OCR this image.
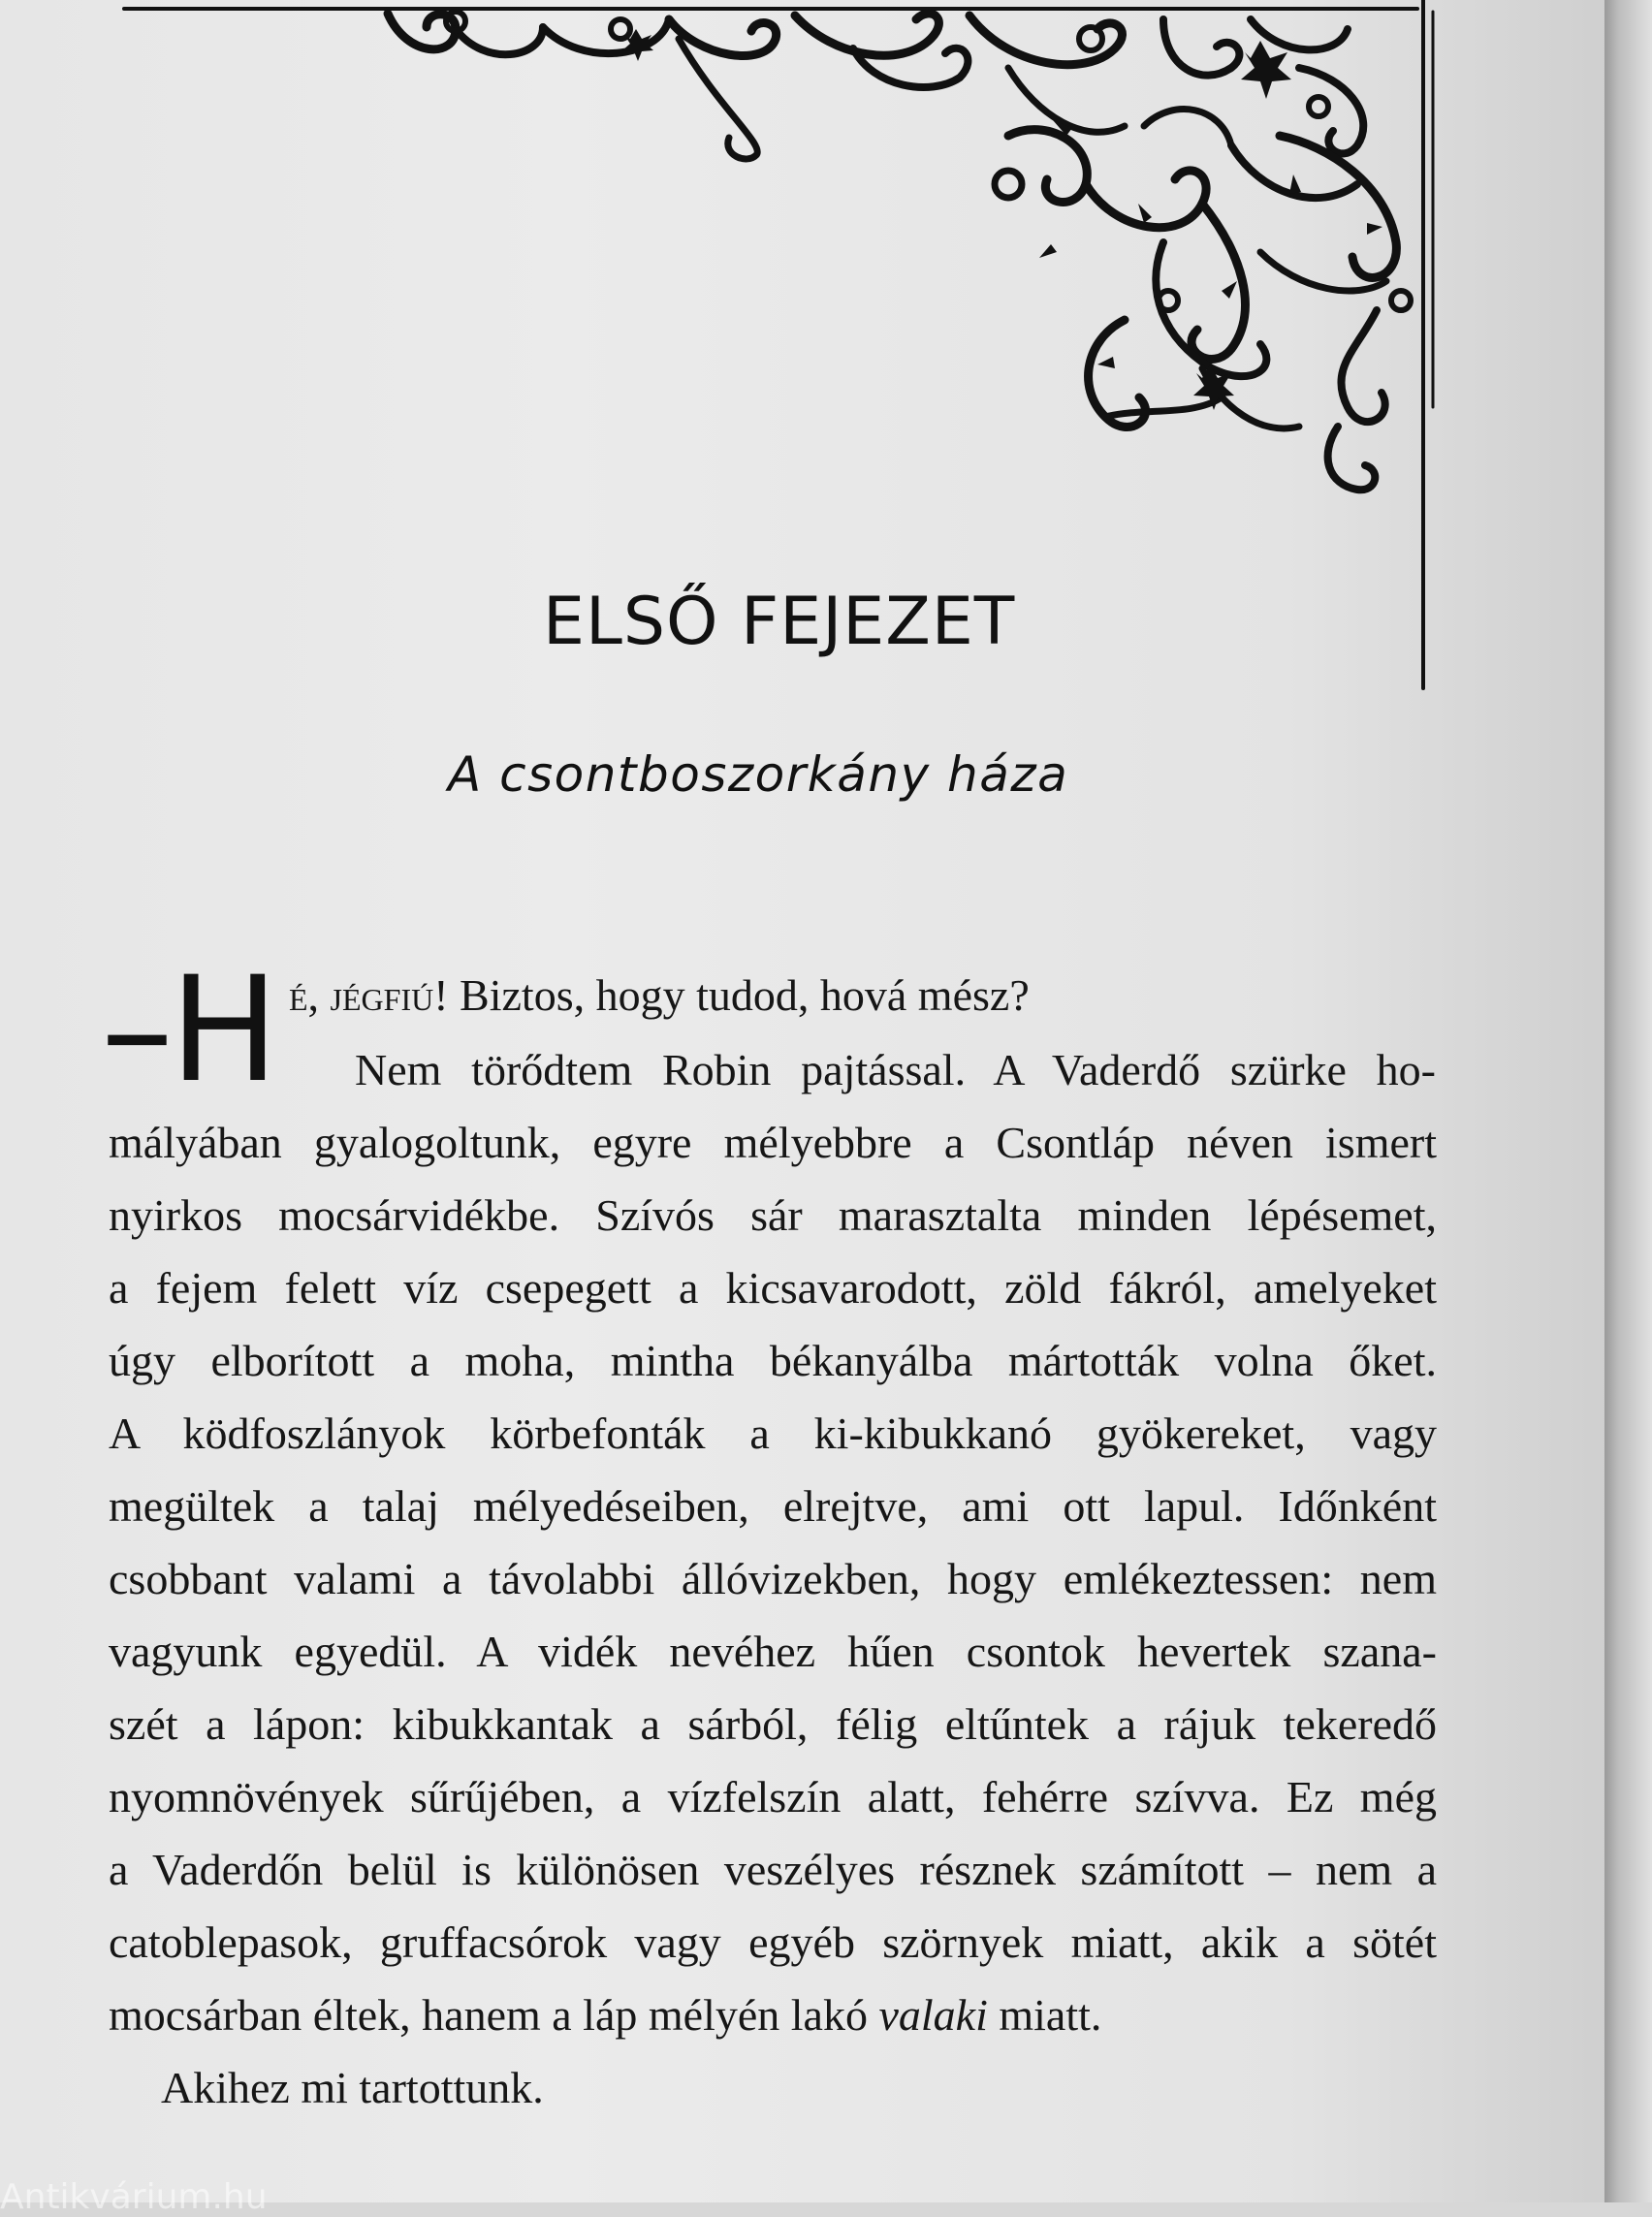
ELSŐ FEJEZET
A csontboszorkány háza
–H é, jégfiú! Biztos, hogy tudod, hová mész?
Nem törődtem Robin pajtással. A Vaderdő szürke ho-
mályában gyalogoltunk, egyre mélyebbre a Csontláp néven ismert
nyirkos mocsárvidékbe. Szívós sár marasztalta minden lépésemet,
a fejem felett víz csepegett a kicsavarodott, zöld fákról, amelyeket
úgy elborított a moha, mintha békanyálba mártották volna őket.
A ködfoszlányok körbefonták a ki-kibukkanó gyökereket, vagy
megültek a talaj mélyedéseiben, elrejtve, ami ott lapul. Időnként
csobbant valami a távolabbi állóvizekben, hogy emlékeztessen: nem
vagyunk egyedül. A vidék nevéhez hűen csontok hevertek szana-
szét a lápon: kibukkantak a sárból, félig eltűntek a rájuk tekeredő
nyomnövények sűrűjében, a vízfelszín alatt, fehérre szívva. Ez még
a Vaderdőn belül is különösen veszélyes résznek számított – nem a
catoblepasok, gruffacsórok vagy egyéb szörnyek miatt, akik a sötét
mocsárban éltek, hanem a láp mélyén lakó valaki miatt.
Akihez mi tartottunk.
Antikvárium.hu
